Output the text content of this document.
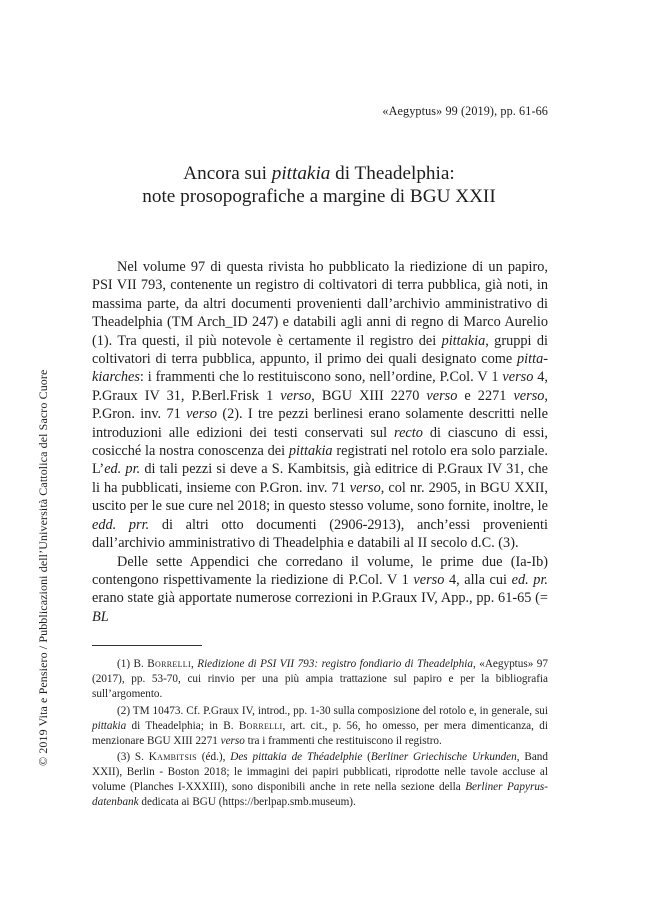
«Aegyptus» 99 (2019), pp. 61-66
Ancora sui pittakia di Theadelphia:
note prosopografiche a margine di BGU XXII

Nel volume 97 di questa rivista ho pubblicato la riedizione di un papiro, PSI VII 793, contenente un registro di coltivatori di terra pubblica, già noti, in massima parte, da altri documenti provenienti dall’archivio amministrativo di Theadelphia (TM Arch_ID 247) e databili agli anni di regno di Marco Aurelio (1). Tra questi, il più notevole è certamente il registro dei pittakia, gruppi di coltivatori di terra pubblica, appunto, il primo dei quali designato come pitta-kiarches: i frammenti che lo restituiscono sono, nell’ordine, P.Col. V 1 verso 4, P.Graux IV 31, P.Berl.Frisk 1 verso, BGU XIII 2270 verso e 2271 verso, P.Gron. inv. 71 verso (2). I tre pezzi berlinesi erano solamente descritti nelle introduzioni alle edizioni dei testi conservati sul recto di ciascuno di essi, cosicché la nostra conoscenza dei pittakia registrati nel rotolo era solo parziale. L’ed. pr. di tali pezzi si deve a S. Kambitsis, già editrice di P.Graux IV 31, che li ha pubblicati, insieme con P.Gron. inv. 71 verso, col nr. 2905, in BGU XXII, uscito per le sue cure nel 2018; in questo stesso volume, sono fornite, inoltre, le edd. prr. di altri otto documenti (2906-2913), anch’essi provenienti dall’archivio amministrativo di Theadelphia e databili al II secolo d.C. (3).

Delle sette Appendici che corredano il volume, le prime due (Ia-Ib) contengono rispettivamente la riedizione di P.Col. V 1 verso 4, alla cui ed. pr. erano state già apportate numerose correzioni in P.Graux IV, App., pp. 61-65 (= BL

(1) B. Borrelli, Riedizione di PSI VII 793: registro fondiario di Theadelphia, «Aegyptus» 97 (2017), pp. 53-70, cui rinvio per una più ampia trattazione sul papiro e per la bibliografia sull’argomento.

(2) TM 10473. Cf. P.Graux IV, introd., pp. 1-30 sulla composizione del rotolo e, in generale, sui pittakia di Theadelphia; in B. Borrelli, art. cit., p. 56, ho omesso, per mera dimenticanza, di menzionare BGU XIII 2271 verso tra i frammenti che restituiscono il registro.

(3) S. Kambitsis (éd.), Des pittakia de Théadelphie (Berliner Griechische Urkunden, Band XXII), Berlin - Boston 2018; le immagini dei papiri pubblicati, riprodotte nelle tavole accluse al volume (Planches I-XXXIII), sono disponibili anche in rete nella sezione della Berliner Papyrus-datenbank dedicata ai BGU (https://berlpap.smb.museum).

© 2019 Vita e Pensiero / Pubblicazioni dell’Università Cattolica del Sacro Cuore
